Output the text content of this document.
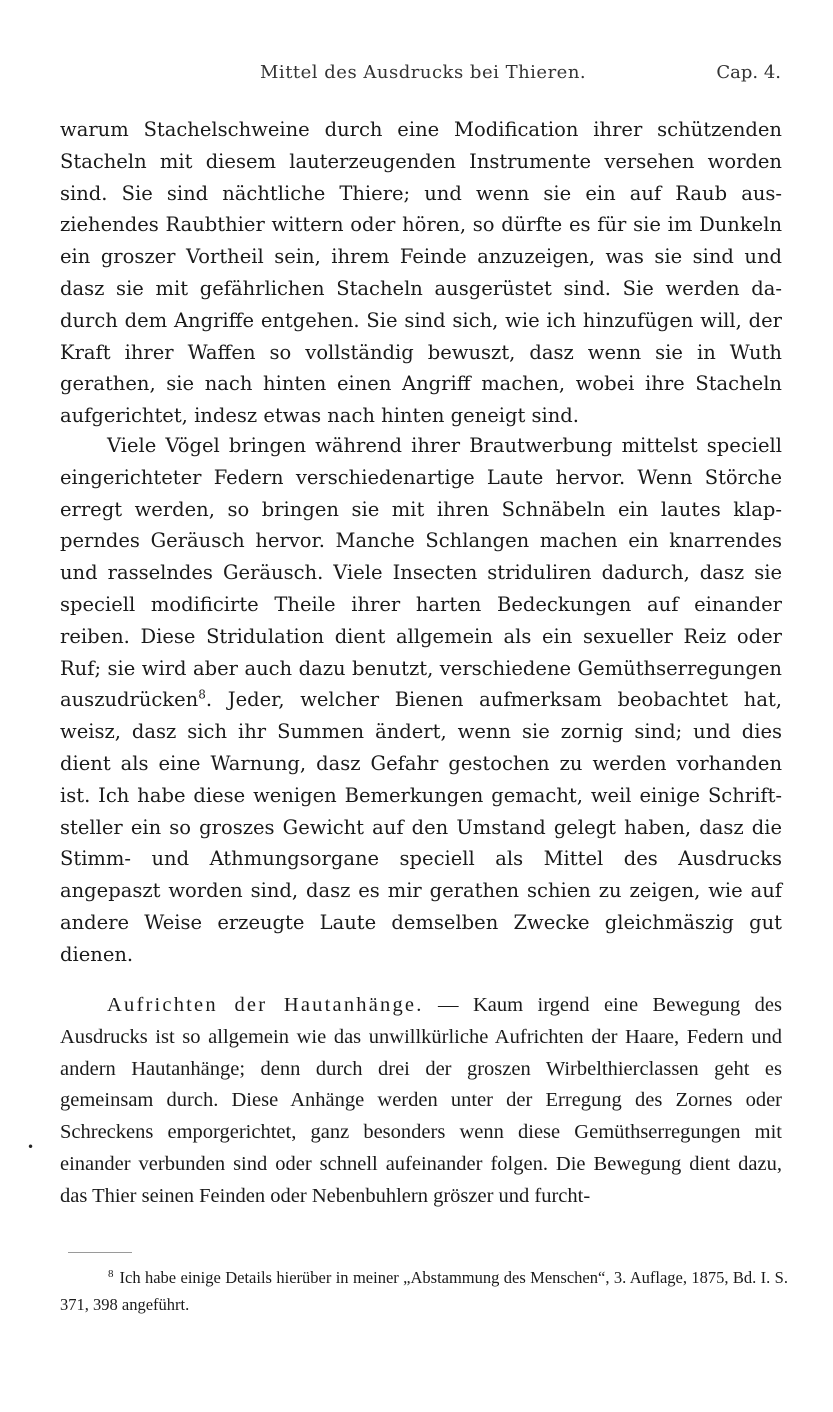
Mittel des Ausdrucks bei Thieren.	Cap. 4.

warum Stachelschweine durch eine Modification ihrer schützenden Stacheln mit diesem lauterzeugenden Instrumente versehen worden sind. Sie sind nächtliche Thiere; und wenn sie ein auf Raub ausziehendes Raubthier wittern oder hören, so dürfte es für sie im Dunkeln ein groszer Vortheil sein, ihrem Feinde anzuzeigen, was sie sind und dasz sie mit gefährlichen Stacheln ausgerüstet sind. Sie werden dadurch dem Angriffe entgehen. Sie sind sich, wie ich hinzufügen will, der Kraft ihrer Waffen so vollständig bewuszt, dasz wenn sie in Wuth gerathen, sie nach hinten einen Angriff machen, wobei ihre Stacheln aufgerichtet, indesz etwas nach hinten geneigt sind.

Viele Vögel bringen während ihrer Brautwerbung mittelst speciell eingerichteter Federn verschiedenartige Laute hervor. Wenn Störche erregt werden, so bringen sie mit ihren Schnäbeln ein lautes klapperndes Geräusch hervor. Manche Schlangen machen ein knarrendes und rasselndes Geräusch. Viele Insecten striduliren dadurch, dasz sie speciell modificirte Theile ihrer harten Bedeckungen auf einander reiben. Diese Stridulation dient allgemein als ein sexueller Reiz oder Ruf; sie wird aber auch dazu benutzt, verschiedene Gemüthserregungen auszudrücken$^8$. Jeder, welcher Bienen aufmerksam beobachtet hat, weisz, dasz sich ihr Summen ändert, wenn sie zornig sind; und dies dient als eine Warnung, dasz Gefahr gestochen zu werden vorhanden ist. Ich habe diese wenigen Bemerkungen gemacht, weil einige Schriftsteller ein so groszes Gewicht auf den Umstand gelegt haben, dasz die Stimm- und Athmungsorgane speciell als Mittel des Ausdrucks angepaszt worden sind, dasz es mir gerathen schien zu zeigen, wie auf andere Weise erzeugte Laute demselben Zwecke gleichmäszig gut dienen.

Aufrichten der Hautanhänge. — Kaum irgend eine Bewegung des Ausdrucks ist so allgemein wie das unwillkürliche Aufrichten der Haare, Federn und andern Hautanhänge; denn durch drei der groszen Wirbelthierclassen geht es gemeinsam durch. Diese Anhänge werden unter der Erregung des Zornes oder Schreckens emporgerichtet, ganz besonders wenn diese Gemüthserregungen mit einander verbunden sind oder schnell aufeinander folgen. Die Bewegung dient dazu, das Thier seinen Feinden oder Nebenbuhlern gröszer und furcht-

•

$^8$ Ich habe einige Details hierüber in meiner „Abstammung des Menschen“, 3. Auflage, 1875, Bd. I. S. 371, 398 angeführt.
